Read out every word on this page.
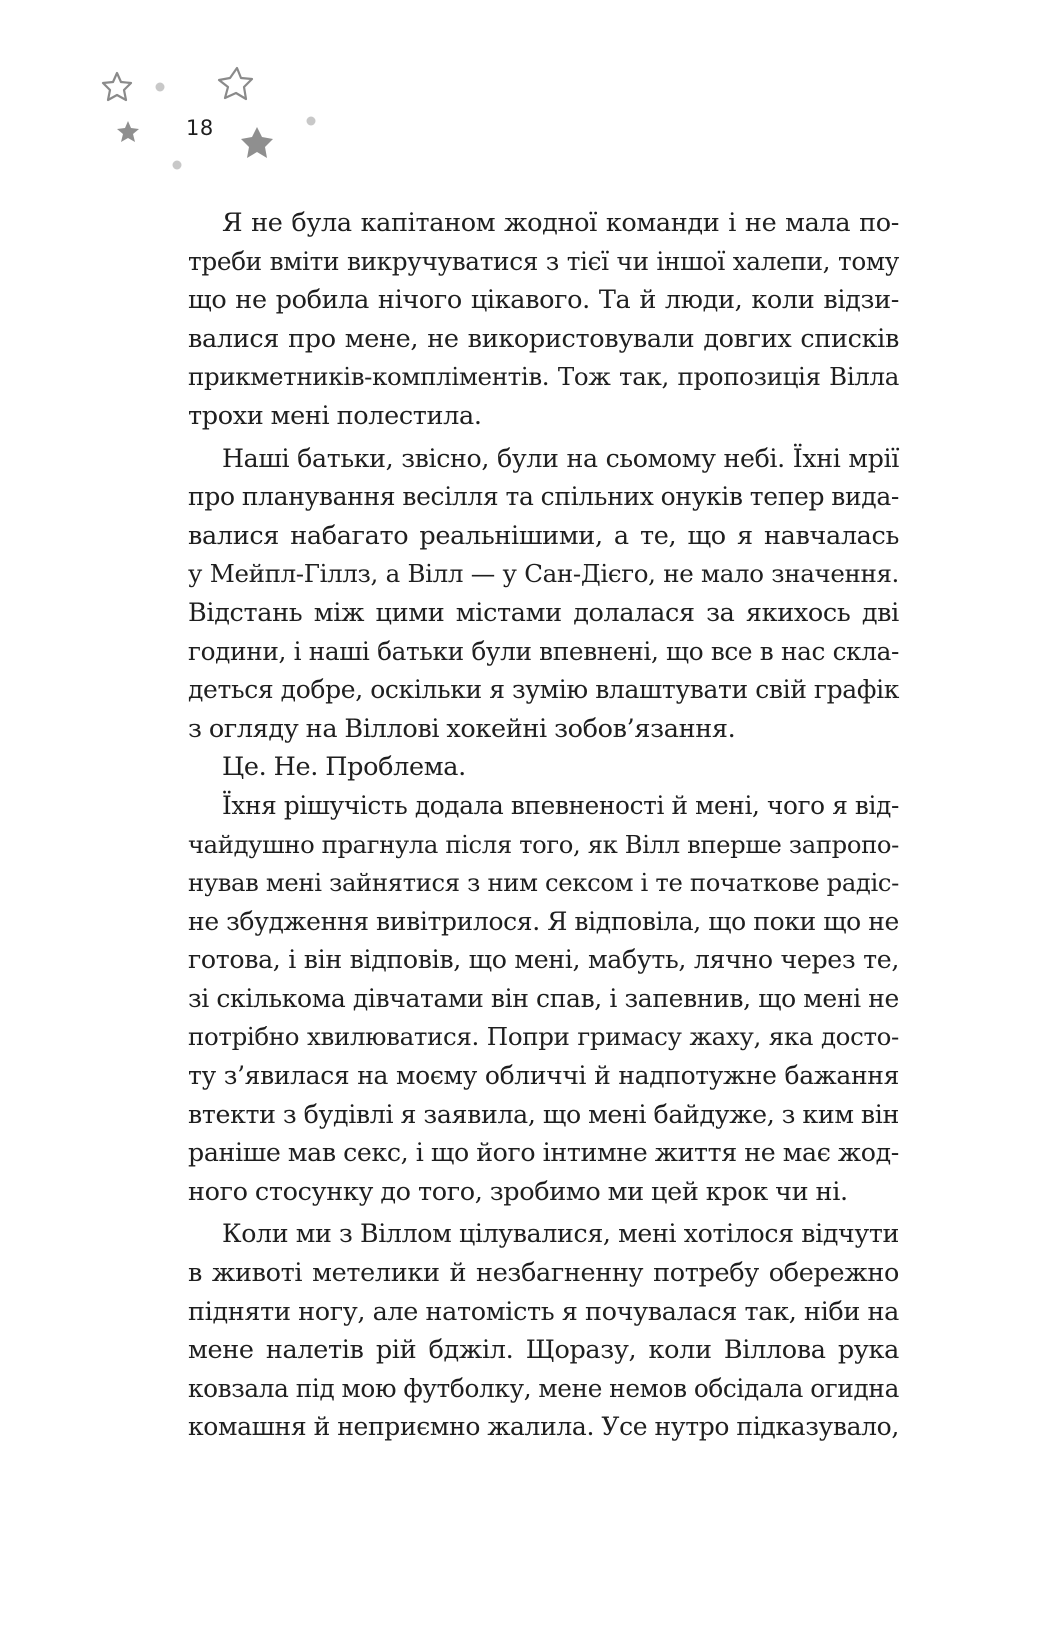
18
Я не була капітаном жодної команди і не мала по-
треби вміти викручуватися з тієї чи іншої халепи, тому
що не робила нічого цікавого. Та й люди, коли відзи-
валися про мене, не використовували довгих списків
прикметників-компліментів. Тож так, пропозиція Вілла
трохи мені полестила.
Наші батьки, звісно, були на сьомому небі. Їхні мрії
про планування весілля та спільних онуків тепер вида-
валися набагато реальнішими, а те, що я навчалась
у Мейпл-Гіллз, а Вілл — у Сан-Дієго, не мало значення.
Відстань між цими містами долалася за якихось дві
години, і наші батьки були впевнені, що все в нас скла-
деться добре, оскільки я зумію влаштувати свій графік
з огляду на Віллові хокейні зобов’язання.
Це. Не. Проблема.
Їхня рішучість додала впевненості й мені, чого я від-
чайдушно прагнула після того, як Вілл вперше запропо-
нував мені зайнятися з ним сексом і те початкове радіс-
не збудження вивітрилося. Я відповіла, що поки що не
готова, і він відповів, що мені, мабуть, лячно через те,
зі скількома дівчатами він спав, і запевнив, що мені не
потрібно хвилюватися. Попри гримасу жаху, яка досто-
ту з’явилася на моєму обличчі й надпотужне бажання
втекти з будівлі я заявила, що мені байдуже, з ким він
раніше мав секс, і що його інтимне життя не має жод-
ного стосунку до того, зробимо ми цей крок чи ні.
Коли ми з Віллом цілувалися, мені хотілося відчути
в животі метелики й незбагненну потребу обережно
підняти ногу, але натомість я почувалася так, ніби на
мене налетів рій бджіл. Щоразу, коли Віллова рука
ковзала під мою футболку, мене немов обсідала огидна
комашня й неприємно жалила. Усе нутро підказувало,
